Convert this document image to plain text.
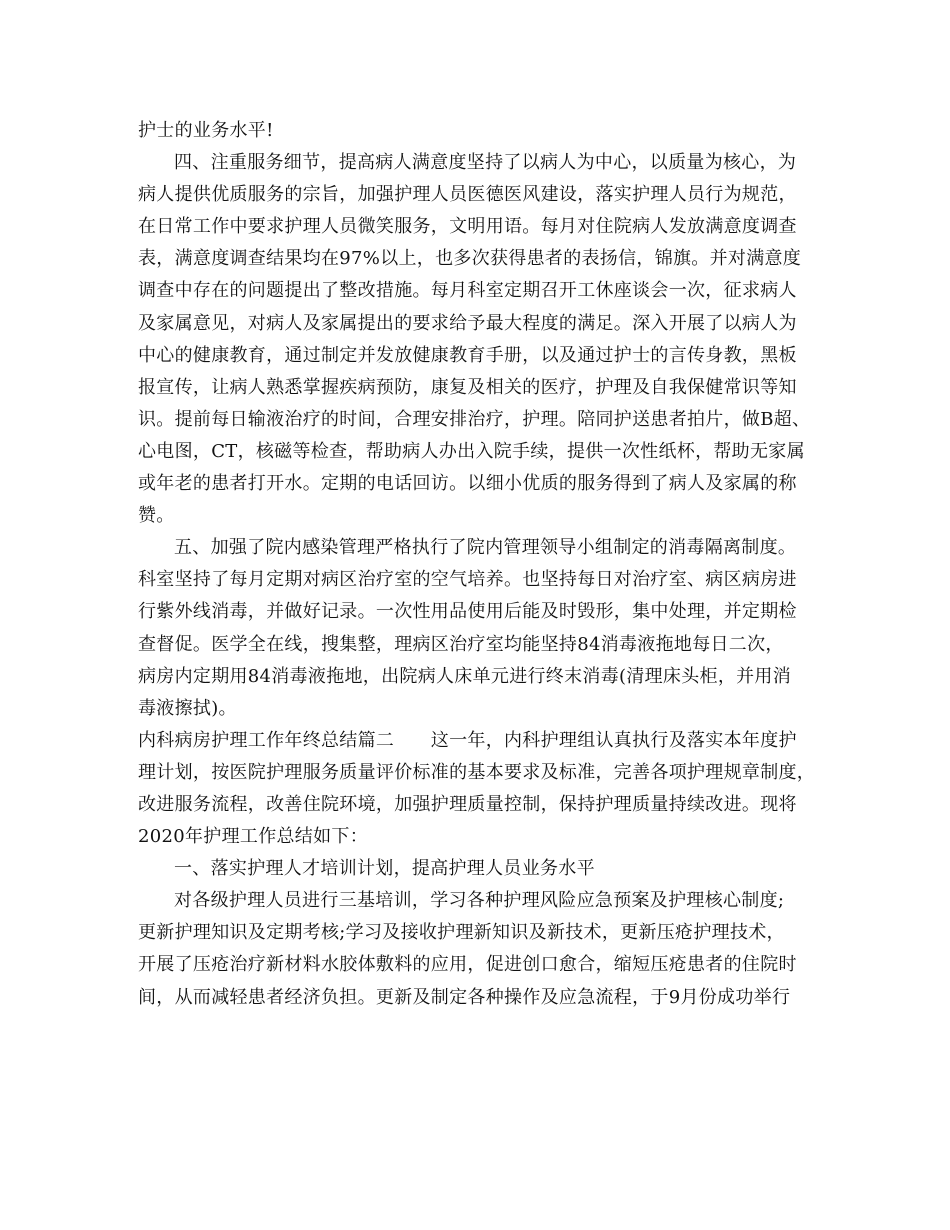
护士的业务水平!
四、注重服务细节，提高病人满意度坚持了以病人为中心，以质量为核心，为
病人提供优质服务的宗旨，加强护理人员医德医风建设，落实护理人员行为规范，
在日常工作中要求护理人员微笑服务，文明用语。每月对住院病人发放满意度调查
表，满意度调查结果均在97%以上，也多次获得患者的表扬信，锦旗。并对满意度
调查中存在的问题提出了整改措施。每月科室定期召开工休座谈会一次，征求病人
及家属意见，对病人及家属提出的要求给予最大程度的满足。深入开展了以病人为
中心的健康教育，通过制定并发放健康教育手册，以及通过护士的言传身教，黑板
报宣传，让病人熟悉掌握疾病预防，康复及相关的医疗，护理及自我保健常识等知
识。提前每日输液治疗的时间，合理安排治疗，护理。陪同护送患者拍片，做B超、
心电图，CT，核磁等检查，帮助病人办出入院手续，提供一次性纸杯，帮助无家属
或年老的患者打开水。定期的电话回访。以细小优质的服务得到了病人及家属的称
赞。
五、加强了院内感染管理严格执行了院内管理领导小组制定的消毒隔离制度。
科室坚持了每月定期对病区治疗室的空气培养。也坚持每日对治疗室、病区病房进
行紫外线消毒，并做好记录。一次性用品使用后能及时毁形，集中处理，并定期检
查督促。医学全在线，搜集整，理病区治疗室均能坚持84消毒液拖地每日二次，
病房内定期用84消毒液拖地，出院病人床单元进行终末消毒(清理床头柜，并用消
毒液擦拭)。
内科病房护理工作年终总结篇二　　这一年，内科护理组认真执行及落实本年度护
理计划，按医院护理服务质量评价标准的基本要求及标准，完善各项护理规章制度，
改进服务流程，改善住院环境，加强护理质量控制，保持护理质量持续改进。现将
2020年护理工作总结如下：
一、落实护理人才培训计划，提高护理人员业务水平
对各级护理人员进行三基培训，学习各种护理风险应急预案及护理核心制度;
更新护理知识及定期考核;学习及接收护理新知识及新技术，更新压疮护理技术，
开展了压疮治疗新材料水胶体敷料的应用，促进创口愈合，缩短压疮患者的住院时
间，从而减轻患者经济负担。更新及制定各种操作及应急流程，于9月份成功举行
